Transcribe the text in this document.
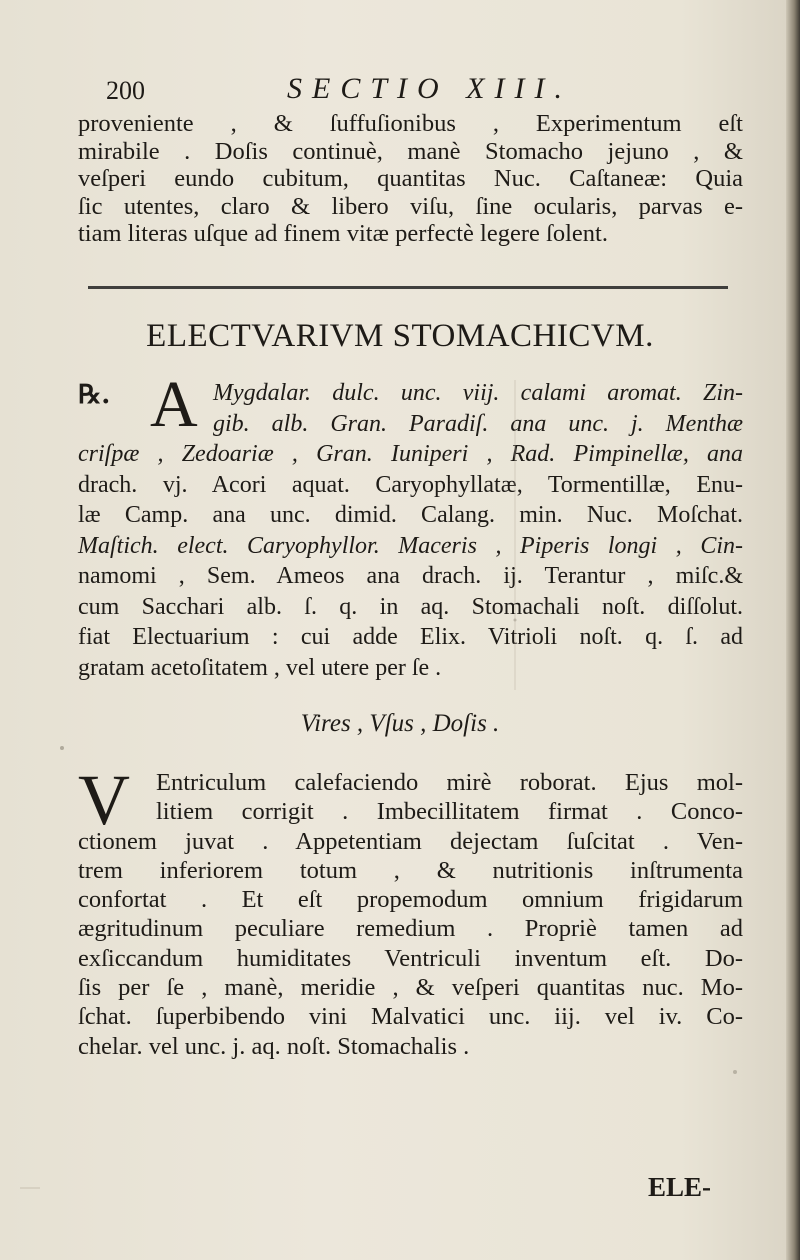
200	SECTIO XIII.
proveniente , & ſuffuſionibus , Experimentum eſt
mirabile . Doſis continuè, manè Stomacho jejuno , &
veſperi eundo cubitum, quantitas Nuc. Caſtaneæ: Quia
ſic utentes, claro & libero viſu, ſine ocularis, parvas e-
tiam literas uſque ad finem vitæ perfectè legere ſolent.
ELECTVARIVM STOMACHICVM.
℞. A Mygdalar. dulc. unc. viij. calami aromat. Zin-
gib. alb. Gran. Paradiſ. ana unc. j. Menthæ
criſpæ , Zedoariæ , Gran. Iuniperi , Rad. Pimpinellæ, ana
drach. vj. Acori aquat. Caryophyllatæ, Tormentillæ, Enu-
læ Camp. ana unc. dimid. Calang. min. Nuc. Moſchat.
Maſtich. elect. Caryophyllor. Maceris , Piperis longi , Cin-
namomi , Sem. Ameos ana drach. ij. Terantur , miſc.&
cum Sacchari alb. ſ. q. in aq. Stomachali noſt. diſſolut.
fiat Electuarium : cui adde Elix. Vitrioli noſt. q. ſ. ad
gratam acetoſitatem , vel utere per ſe .
Vires , Vſus , Doſis .
V	Entriculum calefaciendo mirè roborat. Ejus mol-
litiem corrigit . Imbecillitatem firmat . Conco-
ctionem juvat . Appetentiam dejectam ſuſcitat . Ven-
trem inferiorem totum , & nutritionis inſtrumenta
confortat . Et eſt propemodum omnium frigidarum
ægritudinum peculiare remedium . Propriè tamen ad
exſiccandum humiditates Ventriculi inventum eſt. Do-
ſis per ſe , manè, meridie , & veſperi quantitas nuc. Mo-
ſchat. ſuperbibendo vini Malvatici unc. iij. vel iv. Co-
chelar. vel unc. j. aq. noſt. Stomachalis .
ELE-
